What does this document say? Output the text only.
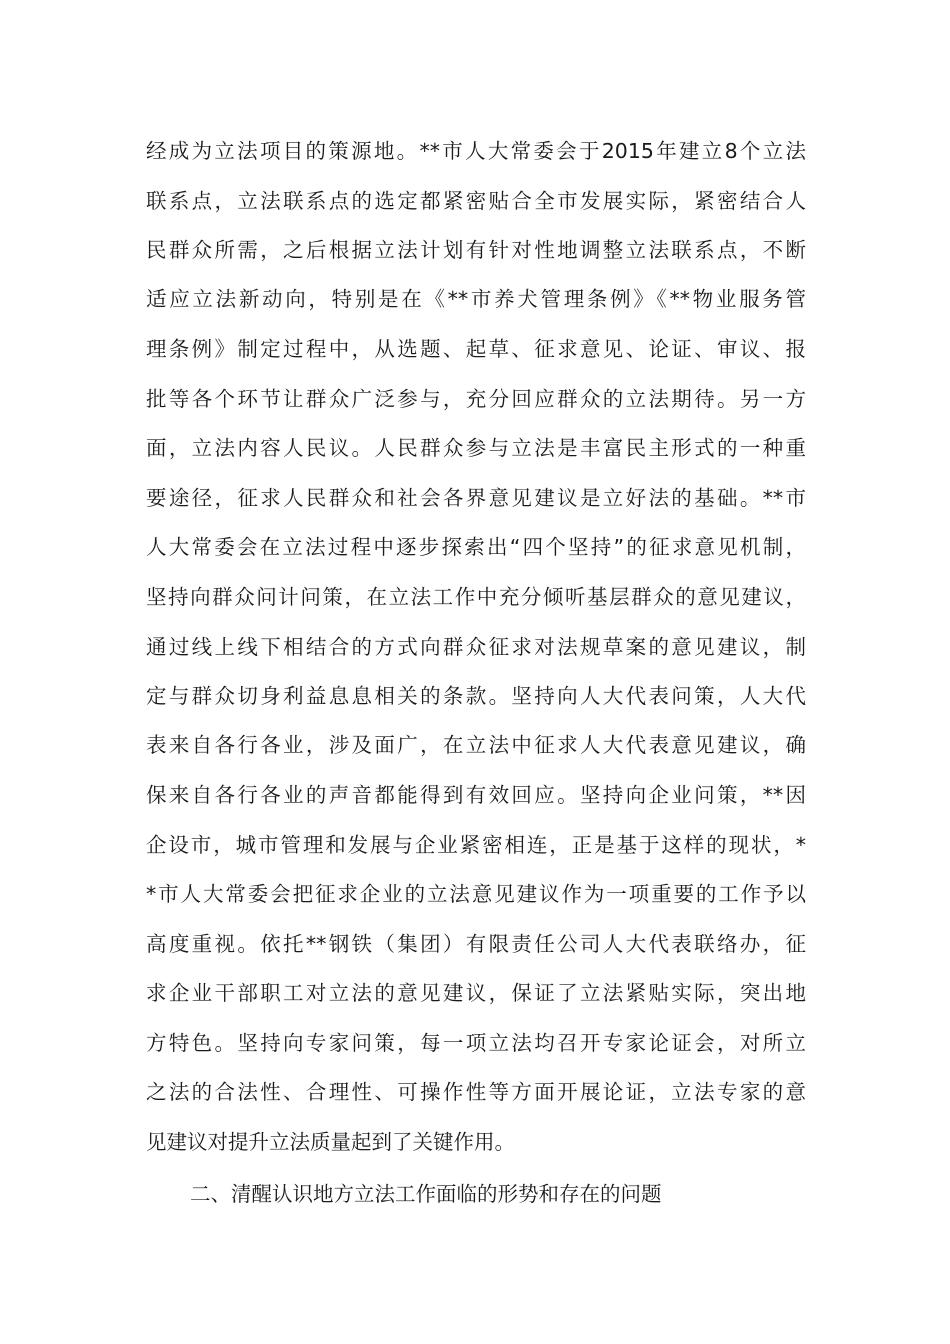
经成为立法项目的策源地。**市人大常委会于2015年建立8个立法
联系点，立法联系点的选定都紧密贴合全市发展实际，紧密结合人
民群众所需，之后根据立法计划有针对性地调整立法联系点，不断
适应立法新动向，特别是在《**市养犬管理条例》《**物业服务管
理条例》制定过程中，从选题、起草、征求意见、论证、审议、报
批等各个环节让群众广泛参与，充分回应群众的立法期待。另一方
面，立法内容人民议。人民群众参与立法是丰富民主形式的一种重
要途径，征求人民群众和社会各界意见建议是立好法的基础。**市
人大常委会在立法过程中逐步探索出“四个坚持”的征求意见机制，
坚持向群众问计问策，在立法工作中充分倾听基层群众的意见建议，
通过线上线下相结合的方式向群众征求对法规草案的意见建议，制
定与群众切身利益息息相关的条款。坚持向人大代表问策，人大代
表来自各行各业，涉及面广，在立法中征求人大代表意见建议，确
保来自各行各业的声音都能得到有效回应。坚持向企业问策，**因
企设市，城市管理和发展与企业紧密相连，正是基于这样的现状，*
*市人大常委会把征求企业的立法意见建议作为一项重要的工作予以
高度重视。依托**钢铁（集团）有限责任公司人大代表联络办，征
求企业干部职工对立法的意见建议，保证了立法紧贴实际，突出地
方特色。坚持向专家问策，每一项立法均召开专家论证会，对所立
之法的合法性、合理性、可操作性等方面开展论证，立法专家的意
见建议对提升立法质量起到了关键作用。
二、清醒认识地方立法工作面临的形势和存在的问题
